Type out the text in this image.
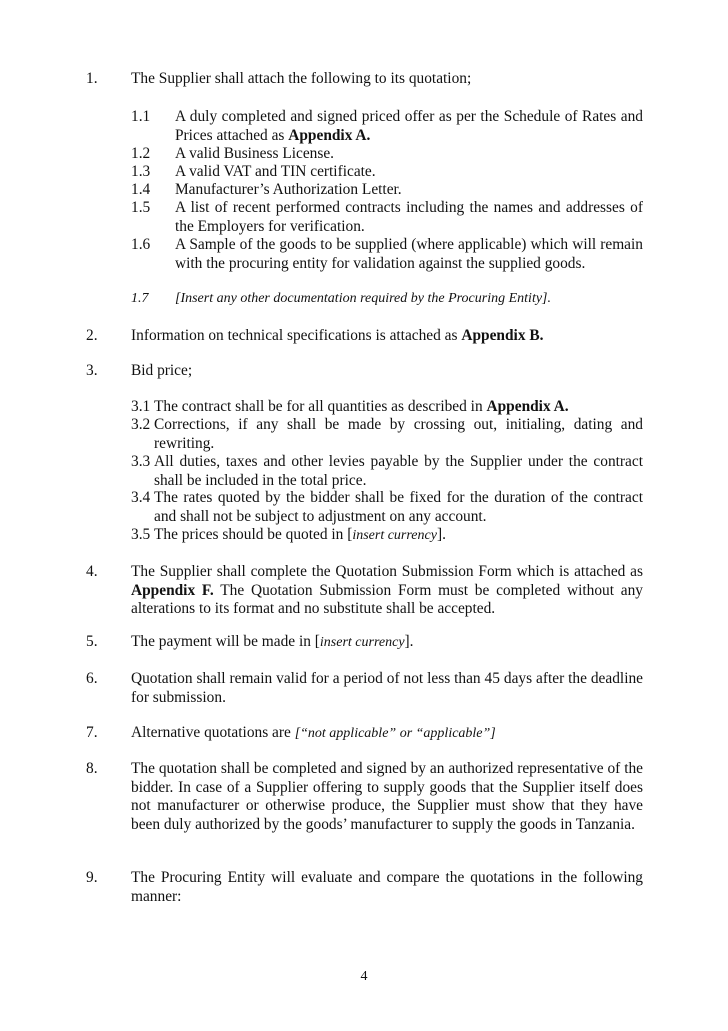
1. The Supplier shall attach the following to its quotation;
1.1 A duly completed and signed priced offer as per the Schedule of Rates and Prices attached as Appendix A.
1.2 A valid Business License.
1.3 A valid VAT and TIN certificate.
1.4 Manufacturer’s Authorization Letter.
1.5 A list of recent performed contracts including the names and addresses of the Employers for verification.
1.6 A Sample of the goods to be supplied (where applicable) which will remain with the procuring entity for validation against the supplied goods.
1.7 [Insert any other documentation required by the Procuring Entity].
2. Information on technical specifications is attached as Appendix B.
3. Bid price;
3.1 The contract shall be for all quantities as described in Appendix A.
3.2 Corrections, if any shall be made by crossing out, initialing, dating and rewriting.
3.3 All duties, taxes and other levies payable by the Supplier under the contract shall be included in the total price.
3.4 The rates quoted by the bidder shall be fixed for the duration of the contract and shall not be subject to adjustment on any account.
3.5 The prices should be quoted in [insert currency].
4. The Supplier shall complete the Quotation Submission Form which is attached as Appendix F. The Quotation Submission Form must be completed without any alterations to its format and no substitute shall be accepted.
5. The payment will be made in [insert currency].
6. Quotation shall remain valid for a period of not less than 45 days after the deadline for submission.
7. Alternative quotations are [“not applicable” or “applicable”]
8. The quotation shall be completed and signed by an authorized representative of the bidder. In case of a Supplier offering to supply goods that the Supplier itself does not manufacturer or otherwise produce, the Supplier must show that they have been duly authorized by the goods’ manufacturer to supply the goods in Tanzania.
9. The Procuring Entity will evaluate and compare the quotations in the following manner:
4
